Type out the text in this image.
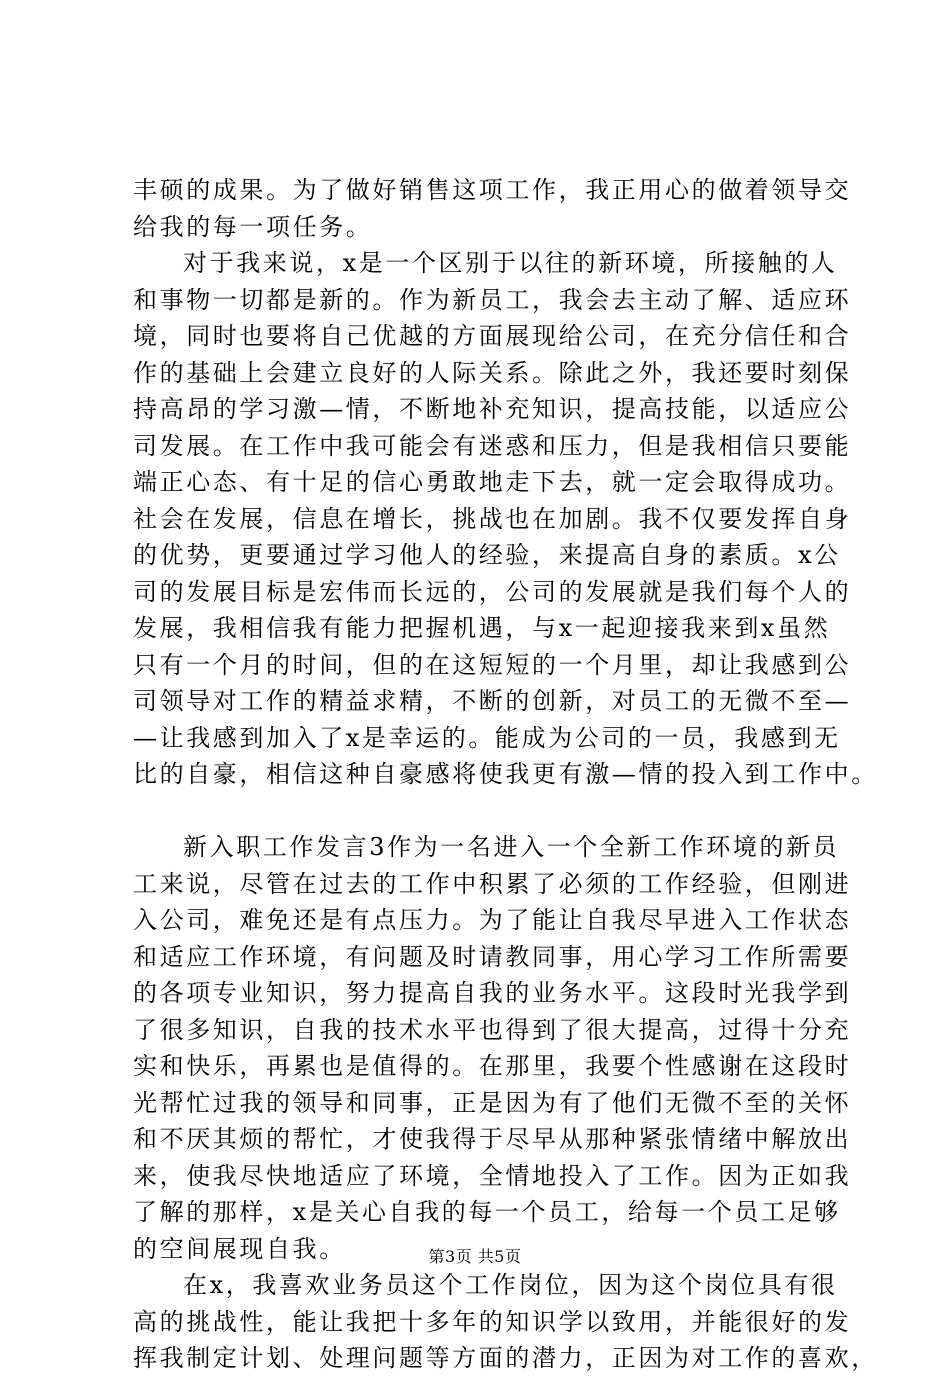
丰硕的成果。为了做好销售这项工作，我正用心的做着领导交
给我的每一项任务。
对于我来说，x是一个区别于以往的新环境，所接触的人
和事物一切都是新的。作为新员工，我会去主动了解、适应环
境，同时也要将自己优越的方面展现给公司，在充分信任和合
作的基础上会建立良好的人际关系。除此之外，我还要时刻保
持高昂的学习激—情，不断地补充知识，提高技能，以适应公
司发展。在工作中我可能会有迷惑和压力，但是我相信只要能
端正心态、有十足的信心勇敢地走下去，就一定会取得成功。
社会在发展，信息在增长，挑战也在加剧。我不仅要发挥自身
的优势，更要通过学习他人的经验，来提高自身的素质。x公
司的发展目标是宏伟而长远的，公司的发展就是我们每个人的
发展，我相信我有能力把握机遇，与x一起迎接我来到x虽然
只有一个月的时间，但的在这短短的一个月里，却让我感到公
司领导对工作的精益求精，不断的创新，对员工的无微不至—
—让我感到加入了x是幸运的。能成为公司的一员，我感到无
比的自豪，相信这种自豪感将使我更有激—情的投入到工作中。
新入职工作发言3作为一名进入一个全新工作环境的新员
工来说，尽管在过去的工作中积累了必须的工作经验，但刚进
入公司，难免还是有点压力。为了能让自我尽早进入工作状态
和适应工作环境，有问题及时请教同事，用心学习工作所需要
的各项专业知识，努力提高自我的业务水平。这段时光我学到
了很多知识，自我的技术水平也得到了很大提高，过得十分充
实和快乐，再累也是值得的。在那里，我要个性感谢在这段时
光帮忙过我的领导和同事，正是因为有了他们无微不至的关怀
和不厌其烦的帮忙，才使我得于尽早从那种紧张情绪中解放出
来，使我尽快地适应了环境，全情地投入了工作。因为正如我
了解的那样，x是关心自我的每一个员工，给每一个员工足够
的空间展现自我。
在x，我喜欢业务员这个工作岗位，因为这个岗位具有很
高的挑战性，能让我把十多年的知识学以致用，并能很好的发
挥我制定计划、处理问题等方面的潜力，正因为对工作的喜欢，
第3页 共5页
